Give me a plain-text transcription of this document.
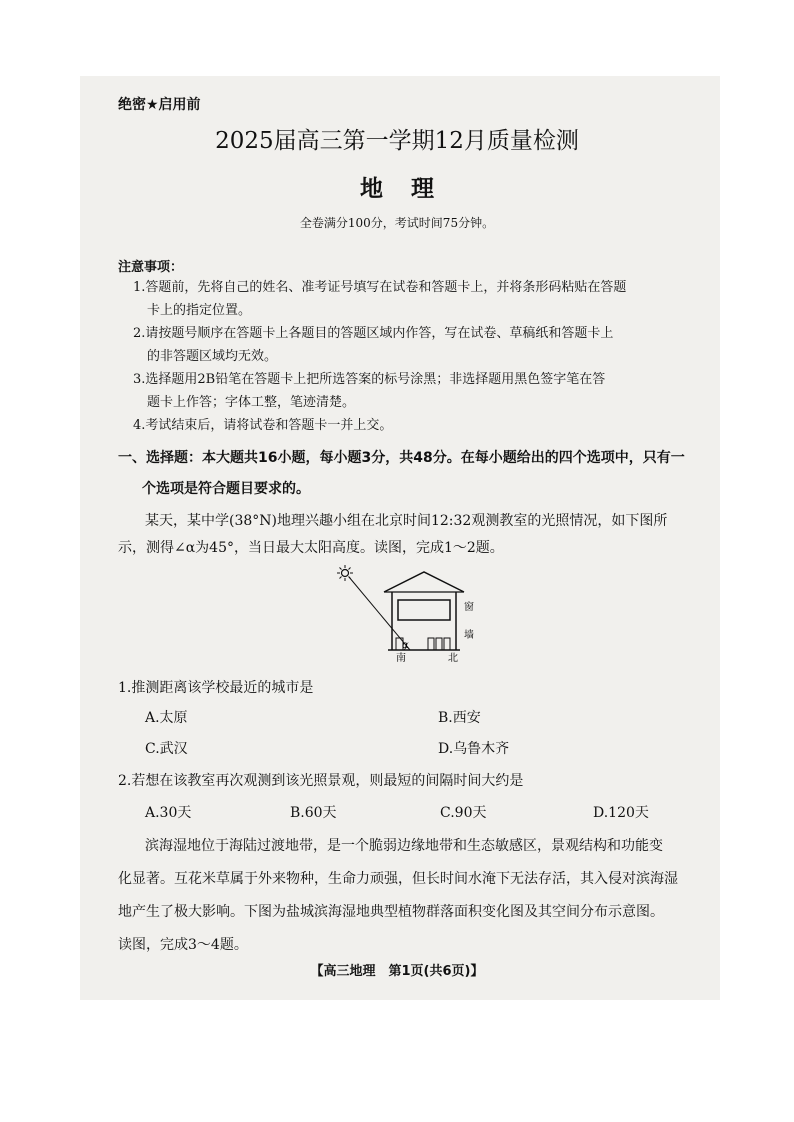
绝密★启用前
2025届高三第一学期12月质量检测
地理
全卷满分100分，考试时间75分钟。
注意事项：
1.答题前，先将自己的姓名、准考证号填写在试卷和答题卡上，并将条形码粘贴在答题
卡上的指定位置。
2.请按题号顺序在答题卡上各题目的答题区域内作答，写在试卷、草稿纸和答题卡上
的非答题区域均无效。
3.选择题用2B铅笔在答题卡上把所选答案的标号涂黑；非选择题用黑色签字笔在答
题卡上作答；字体工整，笔迹清楚。
4.考试结束后，请将试卷和答题卡一并上交。
一、选择题：本大题共16小题，每小题3分，共48分。在每小题给出的四个选项中，只有一
个选项是符合题目要求的。
某天，某中学(38°N)地理兴趣小组在北京时间12:32观测教室的光照情况，如下图所
示，测得∠α为45°，当日最大太阳高度。读图，完成1～2题。
α
窗
墙
南	北
1.推测距离该学校最近的城市是
A.太原	B.西安
C.武汉	D.乌鲁木齐
2.若想在该教室再次观测到该光照景观，则最短的间隔时间大约是
A.30天	B.60天	C.90天	D.120天
滨海湿地位于海陆过渡地带，是一个脆弱边缘地带和生态敏感区，景观结构和功能变
化显著。互花米草属于外来物种，生命力顽强，但长时间水淹下无法存活，其入侵对滨海湿
地产生了极大影响。下图为盐城滨海湿地典型植物群落面积变化图及其空间分布示意图。
读图，完成3～4题。
【高三地理　第1页(共6页)】
